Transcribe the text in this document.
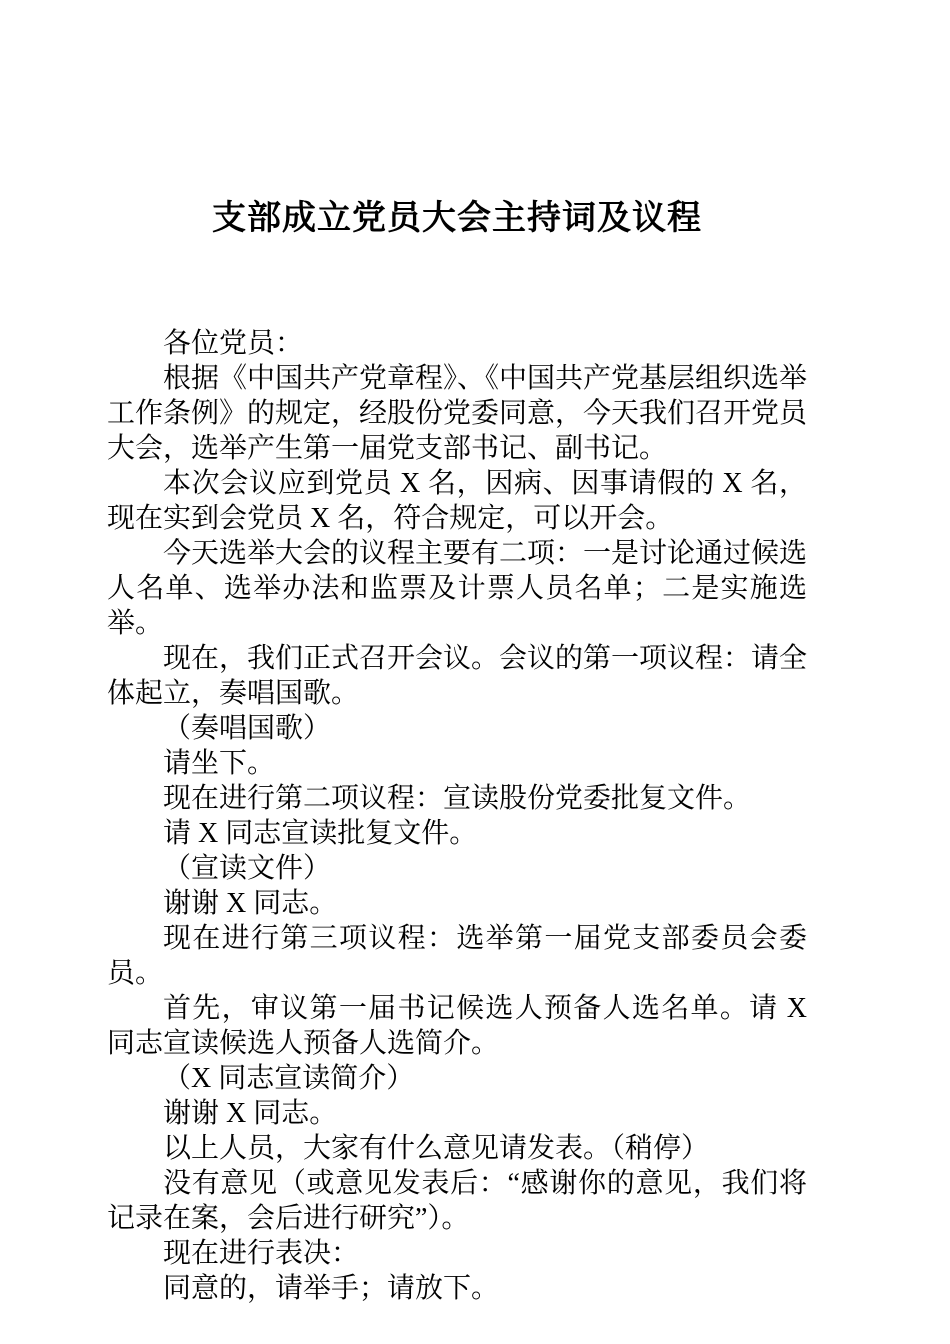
支部成立党员大会主持词及议程

各位党员：

根据《中国共产党章程》、《中国共产党基层组织选举工作条例》的规定，经股份党委同意，今天我们召开党员大会，选举产生第一届党支部书记、副书记。

本次会议应到党员 X 名，因病、因事请假的 X 名，现在实到会党员 X 名，符合规定，可以开会。

今天选举大会的议程主要有二项：一是讨论通过候选人名单、选举办法和监票及计票人员名单；二是实施选举。

现在，我们正式召开会议。会议的第一项议程：请全体起立，奏唱国歌。

（奏唱国歌）

请坐下。

现在进行第二项议程：宣读股份党委批复文件。

请 X 同志宣读批复文件。

（宣读文件）

谢谢 X 同志。

现在进行第三项议程：选举第一届党支部委员会委员。

首先，审议第一届书记候选人预备人选名单。请 X 同志宣读候选人预备人选简介。

（X 同志宣读简介）

谢谢 X 同志。

以上人员，大家有什么意见请发表。（稍停）

没有意见（或意见发表后：“感谢你的意见，我们将记录在案，会后进行研究”）。

现在进行表决：

同意的，请举手；请放下。
